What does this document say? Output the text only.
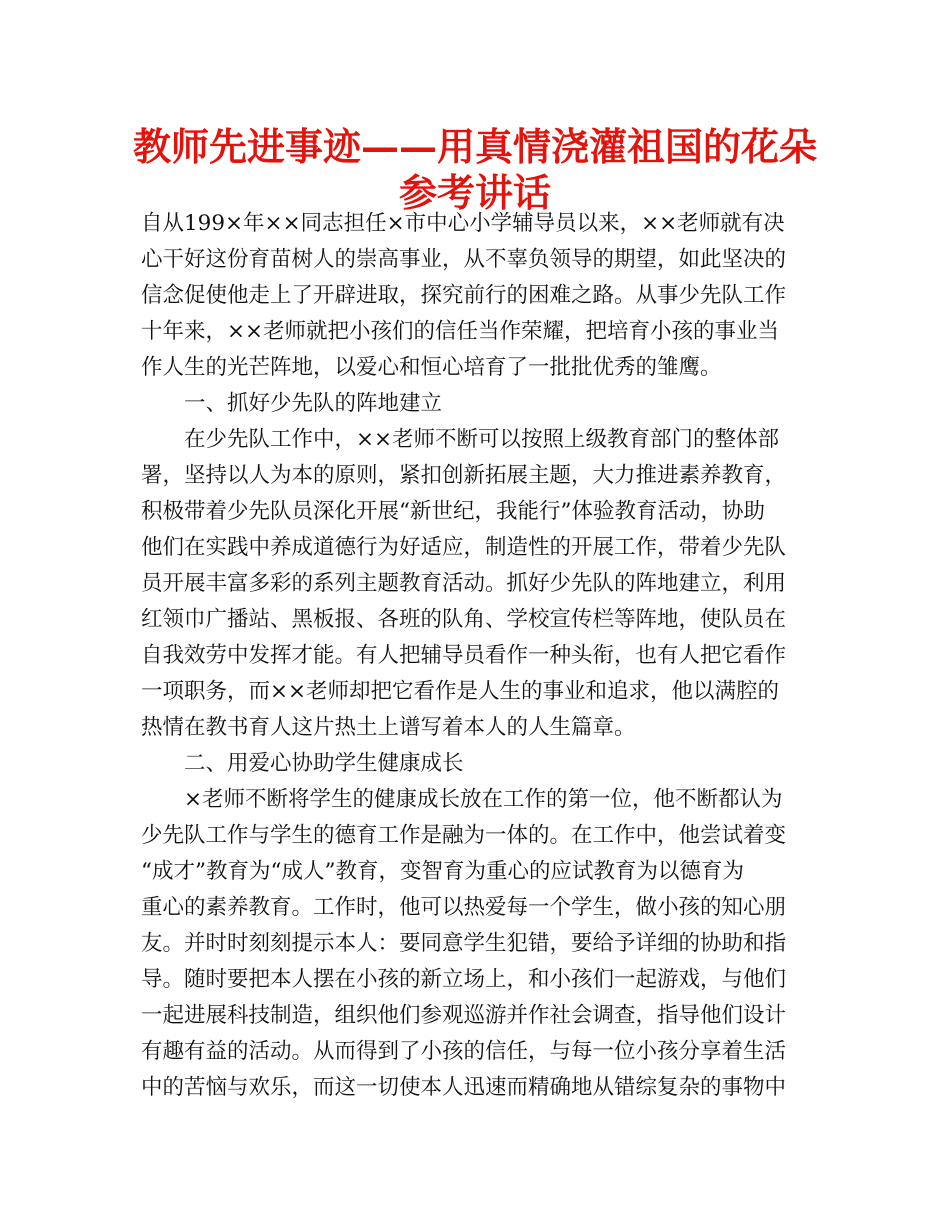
教师先进事迹——用真情浇灌祖国的花朵
参考讲话
自从199×年××同志担任×市中心小学辅导员以来，××老师就有决
心干好这份育苗树人的崇高事业，从不辜负领导的期望，如此坚决的
信念促使他走上了开辟进取，探究前行的困难之路。从事少先队工作
十年来，××老师就把小孩们的信任当作荣耀，把培育小孩的事业当
作人生的光芒阵地，以爱心和恒心培育了一批批优秀的雏鹰。
一、抓好少先队的阵地建立
在少先队工作中，××老师不断可以按照上级教育部门的整体部
署，坚持以人为本的原则，紧扣创新拓展主题，大力推进素养教育，
积极带着少先队员深化开展“新世纪，我能行”体验教育活动，协助
他们在实践中养成道德行为好适应，制造性的开展工作，带着少先队
员开展丰富多彩的系列主题教育活动。抓好少先队的阵地建立，利用
红领巾广播站、黑板报、各班的队角、学校宣传栏等阵地，使队员在
自我效劳中发挥才能。有人把辅导员看作一种头衔，也有人把它看作
一项职务，而××老师却把它看作是人生的事业和追求，他以满腔的
热情在教书育人这片热土上谱写着本人的人生篇章。
二、用爱心协助学生健康成长
×老师不断将学生的健康成长放在工作的第一位，他不断都认为
少先队工作与学生的德育工作是融为一体的。在工作中，他尝试着变
“成才”教育为“成人”教育，变智育为重心的应试教育为以德育为
重心的素养教育。工作时，他可以热爱每一个学生，做小孩的知心朋
友。并时时刻刻提示本人：要同意学生犯错，要给予详细的协助和指
导。随时要把本人摆在小孩的新立场上，和小孩们一起游戏，与他们
一起进展科技制造，组织他们参观巡游并作社会调查，指导他们设计
有趣有益的活动。从而得到了小孩的信任，与每一位小孩分享着生活
中的苦恼与欢乐，而这一切使本人迅速而精确地从错综复杂的事物中
